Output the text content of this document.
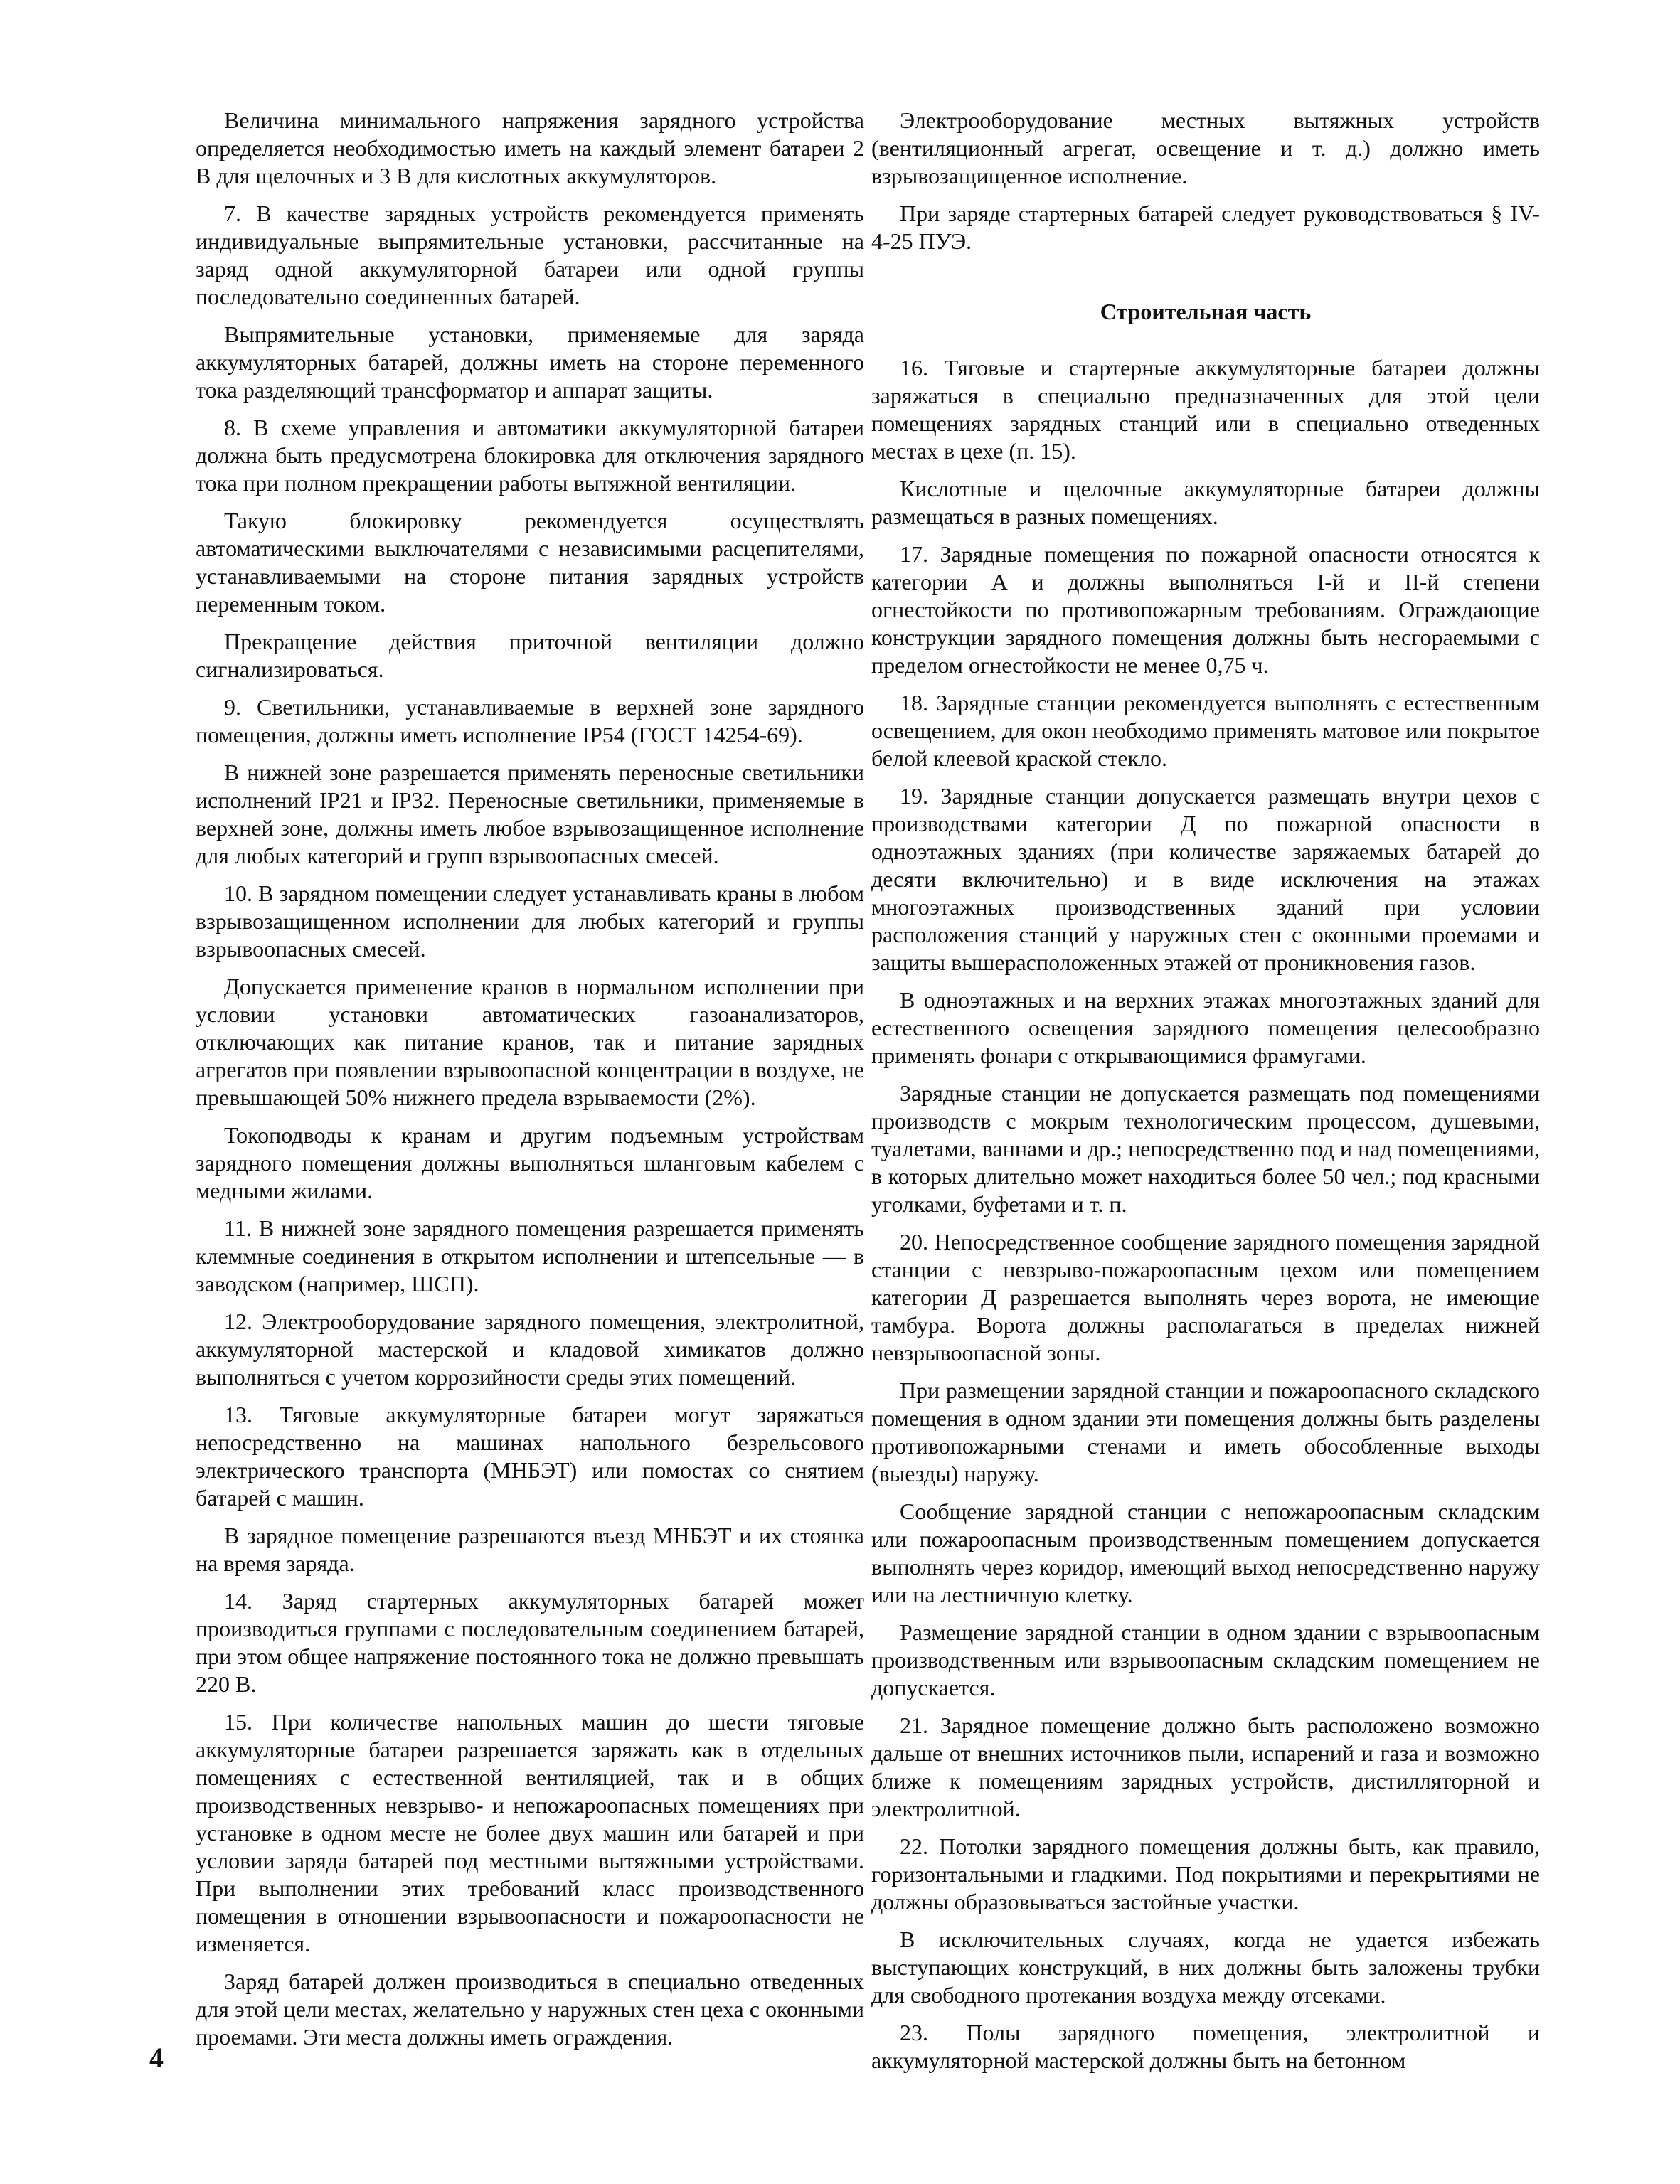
Величина минимального напряжения зарядного устройства определяется необходимостью иметь на каждый элемент батареи 2 В для щелочных и 3 В для кислотных аккумуляторов.

7. В качестве зарядных устройств рекомендуется применять индивидуальные выпрямительные установки, рассчитанные на заряд одной аккумуляторной батареи или одной группы последовательно соединенных батарей.

Выпрямительные установки, применяемые для заряда аккумуляторных батарей, должны иметь на стороне переменного тока разделяющий трансформатор и аппарат защиты.

8. В схеме управления и автоматики аккумуляторной батареи должна быть предусмотрена блокировка для отключения зарядного тока при полном прекращении работы вытяжной вентиляции.

Такую блокировку рекомендуется осуществлять автоматическими выключателями с независимыми расцепителями, устанавливаемыми на стороне питания зарядных устройств переменным током.

Прекращение действия приточной вентиляции должно сигнализироваться.

9. Светильники, устанавливаемые в верхней зоне зарядного помещения, должны иметь исполнение IP54 (ГОСТ 14254-69).

В нижней зоне разрешается применять переносные светильники исполнений IP21 и IP32. Переносные светильники, применяемые в верхней зоне, должны иметь любое взрывозащищенное исполнение для любых категорий и групп взрывоопасных смесей.

10. В зарядном помещении следует устанавливать краны в любом взрывозащищенном исполнении для любых категорий и группы взрывоопасных смесей.

Допускается применение кранов в нормальном исполнении при условии установки автоматических газоанализаторов, отключающих как питание кранов, так и питание зарядных агрегатов при появлении взрывоопасной концентрации в воздухе, не превышающей 50% нижнего предела взрываемости (2%).

Токоподводы к кранам и другим подъемным устройствам зарядного помещения должны выполняться шланговым кабелем с медными жилами.

11. В нижней зоне зарядного помещения разрешается применять клеммные соединения в открытом исполнении и штепсельные — в заводском (например, ШСП).

12. Электрооборудование зарядного помещения, электролитной, аккумуляторной мастерской и кладовой химикатов должно выполняться с учетом коррозийности среды этих помещений.

13. Тяговые аккумуляторные батареи могут заряжаться непосредственно на машинах напольного безрельсового электрического транспорта (МНБЭТ) или помостах со снятием батарей с машин.

В зарядное помещение разрешаются въезд МНБЭТ и их стоянка на время заряда.

14. Заряд стартерных аккумуляторных батарей может производиться группами с последовательным соединением батарей, при этом общее напряжение постоянного тока не должно превышать 220 В.

15. При количестве напольных машин до шести тяговые аккумуляторные батареи разрешается заряжать как в отдельных помещениях с естественной вентиляцией, так и в общих производственных невзрыво- и непожароопасных помещениях при установке в одном месте не более двух машин или батарей и при условии заряда батарей под местными вытяжными устройствами. При выполнении этих требований класс производственного помещения в отношении взрывоопасности и пожароопасности не изменяется.

Заряд батарей должен производиться в специально отведенных для этой цели местах, желательно у наружных стен цеха с оконными проемами. Эти места должны иметь ограждения.

Электрооборудование местных вытяжных устройств (вентиляционный агрегат, освещение и т. д.) должно иметь взрывозащищенное исполнение.

При заряде стартерных батарей следует руководствоваться § IV-4-25 ПУЭ.

Строительная часть

16. Тяговые и стартерные аккумуляторные батареи должны заряжаться в специально предназначенных для этой цели помещениях зарядных станций или в специально отведенных местах в цехе (п. 15).

Кислотные и щелочные аккумуляторные батареи должны размещаться в разных помещениях.

17. Зарядные помещения по пожарной опасности относятся к категории А и должны выполняться I-й и II-й степени огнестойкости по противопожарным требованиям. Ограждающие конструкции зарядного помещения должны быть несгораемыми с пределом огнестойкости не менее 0,75 ч.

18. Зарядные станции рекомендуется выполнять с естественным освещением, для окон необходимо применять матовое или покрытое белой клеевой краской стекло.

19. Зарядные станции допускается размещать внутри цехов с производствами категории Д по пожарной опасности в одноэтажных зданиях (при количестве заряжаемых батарей до десяти включительно) и в виде исключения на этажах многоэтажных производственных зданий при условии расположения станций у наружных стен с оконными проемами и защиты вышерасположенных этажей от проникновения газов.

В одноэтажных и на верхних этажах многоэтажных зданий для естественного освещения зарядного помещения целесообразно применять фонари с открывающимися фрамугами.

Зарядные станции не допускается размещать под помещениями производств с мокрым технологическим процессом, душевыми, туалетами, ваннами и др.; непосредственно под и над помещениями, в которых длительно может находиться более 50 чел.; под красными уголками, буфетами и т. п.

20. Непосредственное сообщение зарядного помещения зарядной станции с невзрыво-пожароопасным цехом или помещением категории Д разрешается выполнять через ворота, не имеющие тамбура. Ворота должны располагаться в пределах нижней невзрывоопасной зоны.

При размещении зарядной станции и пожароопасного складского помещения в одном здании эти помещения должны быть разделены противопожарными стенами и иметь обособленные выходы (выезды) наружу.

Сообщение зарядной станции с непожароопасным складским или пожароопасным производственным помещением допускается выполнять через коридор, имеющий выход непосредственно наружу или на лестничную клетку.

Размещение зарядной станции в одном здании с взрывоопасным производственным или взрывоопасным складским помещением не допускается.

21. Зарядное помещение должно быть расположено возможно дальше от внешних источников пыли, испарений и газа и возможно ближе к помещениям зарядных устройств, дистилляторной и электролитной.

22. Потолки зарядного помещения должны быть, как правило, горизонтальными и гладкими. Под покрытиями и перекрытиями не должны образовываться застойные участки.

В исключительных случаях, когда не удается избежать выступающих конструкций, в них должны быть заложены трубки для свободного протекания воздуха между отсеками.

23. Полы зарядного помещения, электролитной и аккумуляторной мастерской должны быть на бетонном

4
